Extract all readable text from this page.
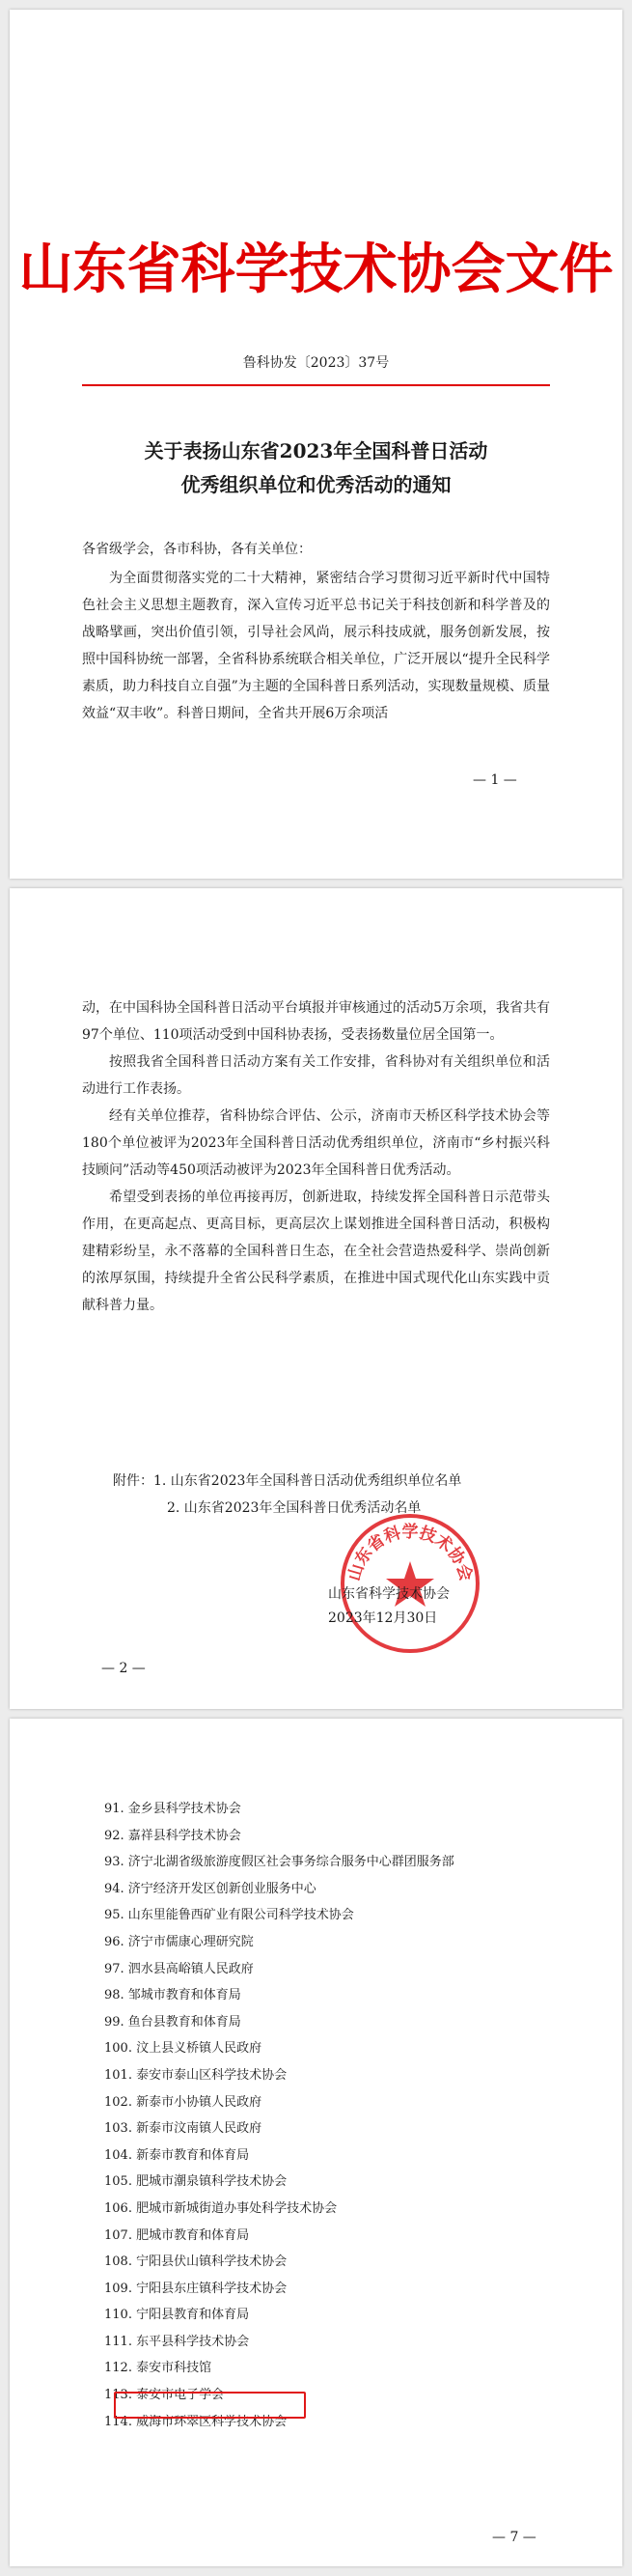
山东省科学技术协会文件
鲁科协发〔2023〕37号
关于表扬山东省2023年全国科普日活动
优秀组织单位和优秀活动的通知
各省级学会，各市科协，各有关单位：

为全面贯彻落实党的二十大精神，紧密结合学习贯彻习近平新时代中国特色社会主义思想主题教育，深入宣传习近平总书记关于科技创新和科学普及的战略擘画，突出价值引领，引导社会风尚，展示科技成就，服务创新发展，按照中国科协统一部署，全省科协系统联合相关单位，广泛开展以“提升全民科学素质，助力科技自立自强”为主题的全国科普日系列活动，实现数量规模、质量效益“双丰收”。科普日期间，全省共开展6万余项活

— 1 —

动，在中国科协全国科普日活动平台填报并审核通过的活动5万余项，我省共有97个单位、110项活动受到中国科协表扬，受表扬数量位居全国第一。

按照我省全国科普日活动方案有关工作安排，省科协对有关组织单位和活动进行工作表扬。

经有关单位推荐，省科协综合评估、公示，济南市天桥区科学技术协会等180个单位被评为2023年全国科普日活动优秀组织单位，济南市“乡村振兴科技顾问”活动等450项活动被评为2023年全国科普日优秀活动。

希望受到表扬的单位再接再厉，创新进取，持续发挥全国科普日示范带头作用，在更高起点、更高目标，更高层次上谋划推进全国科普日活动，积极构建精彩纷呈，永不落幕的全国科普日生态，在全社会营造热爱科学、崇尚创新的浓厚氛围，持续提升全省公民科学素质，在推进中国式现代化山东实践中贡献科普力量。

附件：1. 山东省2023年全国科普日活动优秀组织单位名单
2. 山东省2023年全国科普日优秀活动名单
山东省科学技术协会
山东省科学技术协会
2023年12月30日
— 2 —
91. 金乡县科学技术协会
92. 嘉祥县科学技术协会
93. 济宁北湖省级旅游度假区社会事务综合服务中心群团服务部
94. 济宁经济开发区创新创业服务中心
95. 山东里能鲁西矿业有限公司科学技术协会
96. 济宁市儒康心理研究院
97. 泗水县高峪镇人民政府
98. 邹城市教育和体育局
99. 鱼台县教育和体育局
100. 汶上县义桥镇人民政府
101. 泰安市泰山区科学技术协会
102. 新泰市小协镇人民政府
103. 新泰市汶南镇人民政府
104. 新泰市教育和体育局
105. 肥城市潮泉镇科学技术协会
106. 肥城市新城街道办事处科学技术协会
107. 肥城市教育和体育局
108. 宁阳县伏山镇科学技术协会
109. 宁阳县东庄镇科学技术协会
110. 宁阳县教育和体育局
111. 东平县科学技术协会
112. 泰安市科技馆
113. 泰安市电子学会
114. 威海市环翠区科学技术协会
— 7 —
